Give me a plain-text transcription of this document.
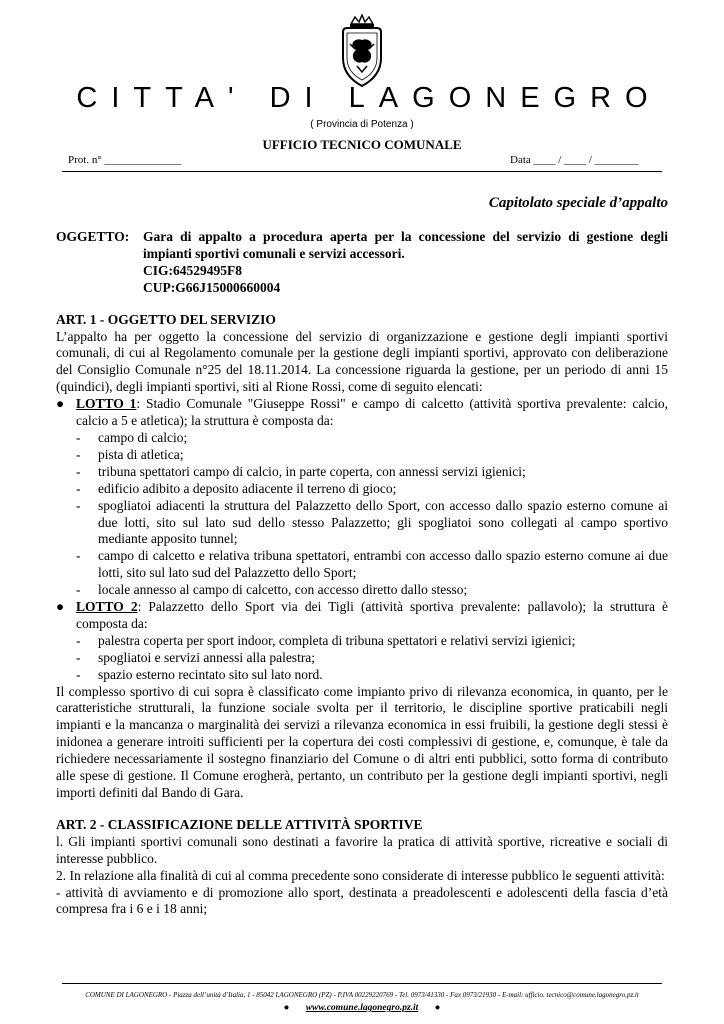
CITTA' DI LAGONEGRO
( Provincia di Potenza )
UFFICIO TECNICO COMUNALE
Prot. n° ______________	Data ____ / ____ / ________
Capitolato speciale d’appalto
OGGETTO:	Gara di appalto a procedura aperta per la concessione del servizio di gestione degli impianti sportivi comunali e servizi accessori.

CIG:64529495F8

CUP:G66J15000660004

ART. 1 - OGGETTO DEL SERVIZIO

L’appalto ha per oggetto la concessione del servizio di organizzazione e gestione degli impianti sportivi comunali, di cui al Regolamento comunale per la gestione degli impianti sportivi, approvato con deliberazione del Consiglio Comunale n°25 del 18.11.2014. La concessione riguarda la gestione, per un periodo di anni 15 (quindici), degli impianti sportivi, siti al Rione Rossi, come di seguito elencati:

● LOTTO 1: Stadio Comunale "Giuseppe Rossi" e campo di calcetto (attività sportiva prevalente: calcio, calcio a 5 e atletica); la struttura è composta da:
-	campo di calcio;
-	pista di atletica;
-	tribuna spettatori campo di calcio, in parte coperta, con annessi servizi igienici;
-	edificio adibito a deposito adiacente il terreno di gioco;
-	spogliatoi adiacenti la struttura del Palazzetto dello Sport, con accesso dallo spazio esterno comune ai due lotti, sito sul lato sud dello stesso Palazzetto; gli spogliatoi sono collegati al campo sportivo mediante apposito tunnel;
-	campo di calcetto e relativa tribuna spettatori, entrambi con accesso dallo spazio esterno comune ai due lotti, sito sul lato sud del Palazzetto dello Sport;
-	locale annesso al campo di calcetto, con accesso diretto dallo stesso;
● LOTTO 2: Palazzetto dello Sport via dei Tigli (attività sportiva prevalente: pallavolo); la struttura è composta da:
-	palestra coperta per sport indoor, completa di tribuna spettatori e relativi servizi igienici;
-	spogliatoi e servizi annessi alla palestra;
-	spazio esterno recintato sito sul lato nord.

Il complesso sportivo di cui sopra è classificato come impianto privo di rilevanza economica, in quanto, per le caratteristiche strutturali, la funzione sociale svolta per il territorio, le discipline sportive praticabili negli impianti e la mancanza o marginalità dei servizi a rilevanza economica in essi fruibili, la gestione degli stessi è inidonea a generare introiti sufficienti per la copertura dei costi complessivi di gestione, e, comunque, è tale da richiedere necessariamente il sostegno finanziario del Comune o di altri enti pubblici, sotto forma di contributo alle spese di gestione. Il Comune erogherà, pertanto, un contributo per la gestione degli impianti sportivi, negli importi definiti dal Bando di Gara.

ART. 2 - CLASSIFICAZIONE DELLE ATTIVITÀ SPORTIVE

l. Gli impianti sportivi comunali sono destinati a favorire la pratica di attività sportive, ricreative e sociali di interesse pubblico.

2. In relazione alla finalità di cui al comma precedente sono considerate di interesse pubblico le seguenti attività:

- attività di avviamento e di promozione allo sport, destinata a preadolescenti e adolescenti della fascia d’età compresa fra i 6 e i 18 anni;

COMUNE DI LAGONEGRO - Piazza dell’unità d’Italia, 1 - 85042 LAGONEGRO (PZ) - P.IVA 00229220769 - Tel. 0973/41330 - Fax 0973/21930 - E-mail: ufficio. tecnico@comune.lagonegro.pz.it
● www.comune.lagonegro.pz.it ●
